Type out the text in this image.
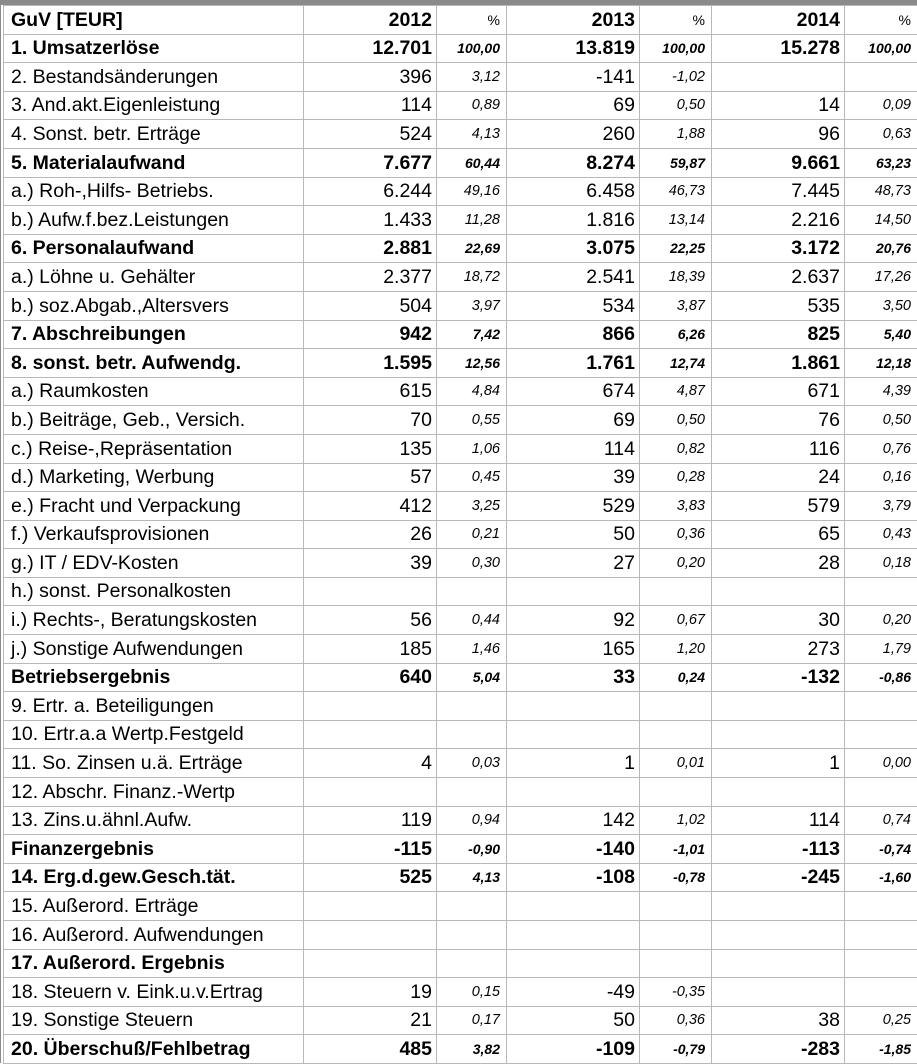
GuV [TEUR]	2012	%	2013	%	2014	%
1. Umsatzerlöse	12.701	100,00	13.819	100,00	15.278	100,00
2. Bestandsänderungen	396	3,12	-141	-1,02		
3. And.akt.Eigenleistung	114	0,89	69	0,50	14	0,09
4. Sonst. betr. Erträge	524	4,13	260	1,88	96	0,63
5. Materialaufwand	7.677	60,44	8.274	59,87	9.661	63,23
a.) Roh-,Hilfs- Betriebs.	6.244	49,16	6.458	46,73	7.445	48,73
b.) Aufw.f.bez.Leistungen	1.433	11,28	1.816	13,14	2.216	14,50
6. Personalaufwand	2.881	22,69	3.075	22,25	3.172	20,76
a.) Löhne u. Gehälter	2.377	18,72	2.541	18,39	2.637	17,26
b.) soz.Abgab.,Altersvers	504	3,97	534	3,87	535	3,50
7. Abschreibungen	942	7,42	866	6,26	825	5,40
8. sonst. betr. Aufwendg.	1.595	12,56	1.761	12,74	1.861	12,18
a.) Raumkosten	615	4,84	674	4,87	671	4,39
b.) Beiträge, Geb., Versich.	70	0,55	69	0,50	76	0,50
c.) Reise-,Repräsentation	135	1,06	114	0,82	116	0,76
d.) Marketing, Werbung	57	0,45	39	0,28	24	0,16
e.) Fracht und Verpackung	412	3,25	529	3,83	579	3,79
f.) Verkaufsprovisionen	26	0,21	50	0,36	65	0,43
g.) IT / EDV-Kosten	39	0,30	27	0,20	28	0,18
h.) sonst. Personalkosten						
i.) Rechts-, Beratungskosten	56	0,44	92	0,67	30	0,20
j.) Sonstige Aufwendungen	185	1,46	165	1,20	273	1,79
Betriebsergebnis	640	5,04	33	0,24	-132	-0,86
9. Ertr. a. Beteiligungen						
10. Ertr.a.a Wertp.Festgeld						
11. So. Zinsen u.ä. Erträge	4	0,03	1	0,01	1	0,00
12. Abschr. Finanz.-Wertp						
13. Zins.u.ähnl.Aufw.	119	0,94	142	1,02	114	0,74
Finanzergebnis	-115	-0,90	-140	-1,01	-113	-0,74
14. Erg.d.gew.Gesch.tät.	525	4,13	-108	-0,78	-245	-1,60
15. Außerord. Erträge						
16. Außerord. Aufwendungen						
17. Außerord. Ergebnis						
18. Steuern v. Eink.u.v.Ertrag	19	0,15	-49	-0,35		
19. Sonstige Steuern	21	0,17	50	0,36	38	0,25
20. Überschuß/Fehlbetrag	485	3,82	-109	-0,79	-283	-1,85
